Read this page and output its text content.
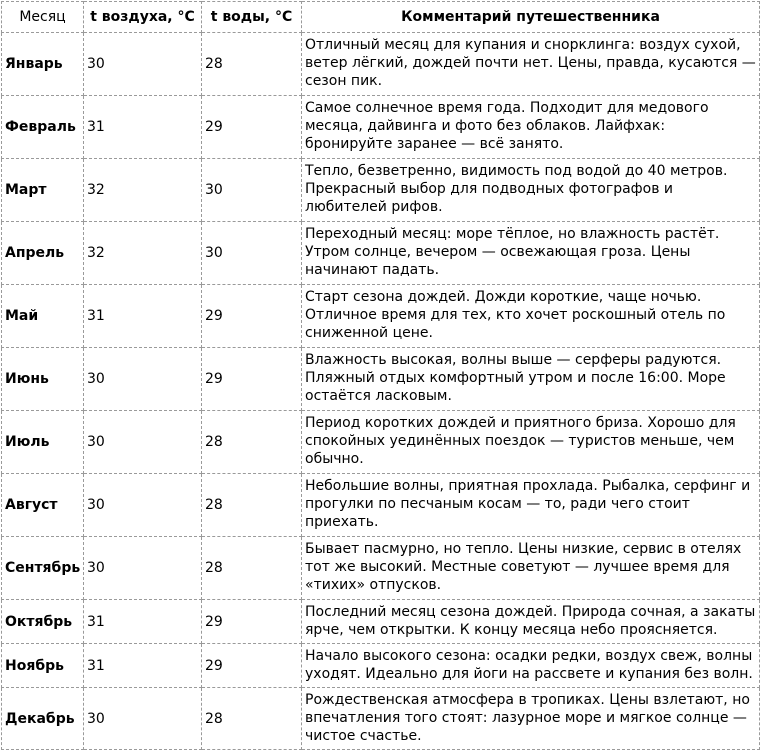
Месяц	t воздуха, °C	t воды, °C	Комментарий путешественника
Январь	30	28	Отличный месяц для купания и снорклинга: воздух сухой, ветер лёгкий, дождей почти нет. Цены, правда, кусаются — сезон пик.
Февраль	31	29	Самое солнечное время года. Подходит для медового месяца, дайвинга и фото без облаков. Лайфхак: бронируйте заранее — всё занято.
Март	32	30	Тепло, безветренно, видимость под водой до 40 метров. Прекрасный выбор для подводных фотографов и любителей рифов.
Апрель	32	30	Переходный месяц: море тёплое, но влажность растёт. Утром солнце, вечером — освежающая гроза. Цены начинают падать.
Май	31	29	Старт сезона дождей. Дожди короткие, чаще ночью. Отличное время для тех, кто хочет роскошный отель по сниженной цене.
Июнь	30	29	Влажность высокая, волны выше — серферы радуются. Пляжный отдых комфортный утром и после 16:00. Море остаётся ласковым.
Июль	30	28	Период коротких дождей и приятного бриза. Хорошо для спокойных уединённых поездок — туристов меньше, чем обычно.
Август	30	28	Небольшие волны, приятная прохлада. Рыбалка, серфинг и прогулки по песчаным косам — то, ради чего стоит приехать.
Сентябрь	30	28	Бывает пасмурно, но тепло. Цены низкие, сервис в отелях тот же высокий. Местные советуют — лучшее время для «тихих» отпусков.
Октябрь	31	29	Последний месяц сезона дождей. Природа сочная, а закаты ярче, чем открытки. К концу месяца небо проясняется.
Ноябрь	31	29	Начало высокого сезона: осадки редки, воздух свеж, волны уходят. Идеально для йоги на рассвете и купания без волн.
Декабрь	30	28	Рождественская атмосфера в тропиках. Цены взлетают, но впечатления того стоят: лазурное море и мягкое солнце — чистое счастье.
